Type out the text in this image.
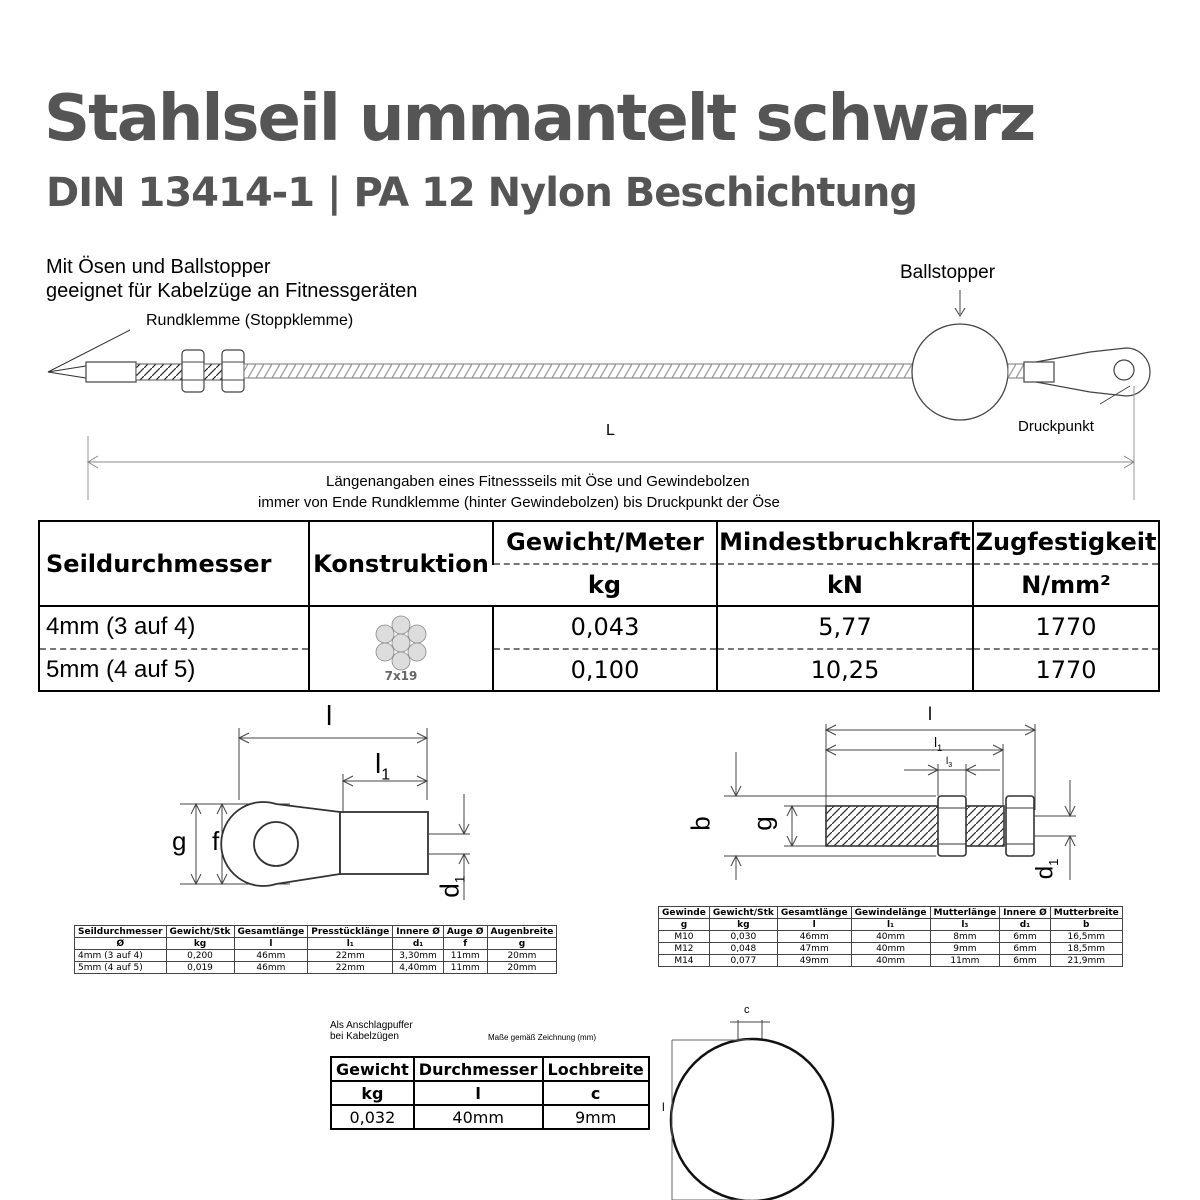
Stahlseil ummantelt schwarz
DIN 13414-1 | PA 12 Nylon Beschichtung
Mit Ösen und Ballstopper
geeignet für Kabelzüge an Fitnessgeräten
Rundklemme (Stoppklemme)
Ballstopper
Druckpunkt
L
Längenangaben eines Fitnessseils mit Öse und Gewindebolzen
immer von Ende Rundklemme (hinter Gewindebolzen) bis Druckpunkt der Öse
l
$l_1$
g f
$d_1$
l
$l_1$
$l_3$
b g
$d_1$
Seildurchmesser	Konstruktion	Gewicht/Meter	Mindestbruchkraft	Zugfestigkeit
		kg	kN	N/mm²
4mm (3 auf 4)	7x19	0,043	5,77	1770
5mm (4 auf 5)		0,100	10,25	1770
Seildurchmesser	Gewicht/Stk	Gesamtlänge	Presstücklänge	Innere Ø	Auge Ø	Augenbreite
Ø	kg	l	l₁	d₁	f	g
4mm (3 auf 4)	0,200	46mm	22mm	3,30mm	11mm	20mm
5mm (4 auf 5)	0,019	46mm	22mm	4,40mm	11mm	20mm
Gewinde	Gewicht/Stk	Gesamtlänge	Gewindelänge	Mutterlänge	Innere Ø	Mutterbreite
g	kg	l	l₁	l₃	d₁	b
M10	0,030	46mm	40mm	8mm	6mm	16,5mm
M12	0,048	47mm	40mm	9mm	6mm	18,5mm
M14	0,077	49mm	40mm	11mm	6mm	21,9mm
Als Anschlagpuffer
bei Kabelzügen	Maße gemäß Zeichnung (mm)
Gewicht	Durchmesser	Lochbreite
kg	l	c
0,032	40mm	9mm
c
l
